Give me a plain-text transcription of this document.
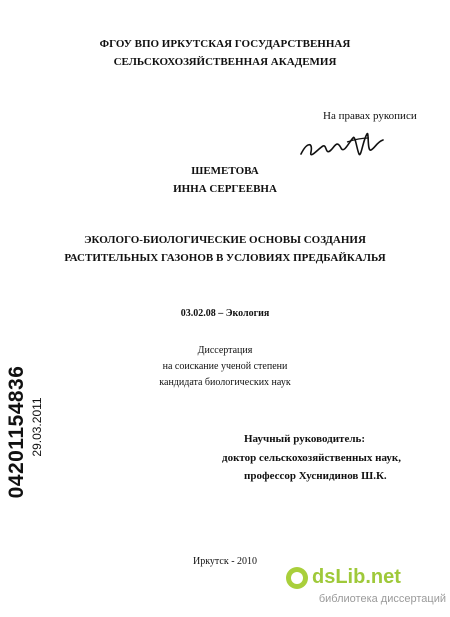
ФГОУ ВПО ИРКУТСКАЯ ГОСУДАРСТВЕННАЯ
СЕЛЬСКОХОЗЯЙСТВЕННАЯ АКАДЕМИЯ
На правах рукописи
ШЕМЕТОВА
ИННА СЕРГЕЕВНА
ЭКОЛОГО-БИОЛОГИЧЕСКИЕ ОСНОВЫ СОЗДАНИЯ
РАСТИТЕЛЬНЫХ ГАЗОНОВ В УСЛОВИЯХ ПРЕДБАЙКАЛЬЯ
03.02.08 – Экология
Диссертация
на соискание ученой степени
кандидата биологических наук
Научный руководитель:
доктор сельскохозяйственных наук,
профессор Хуснидинов Ш.К.
Иркутск - 2010
04201154836 29.03.2011
dsLib.net
библиотека диссертаций
